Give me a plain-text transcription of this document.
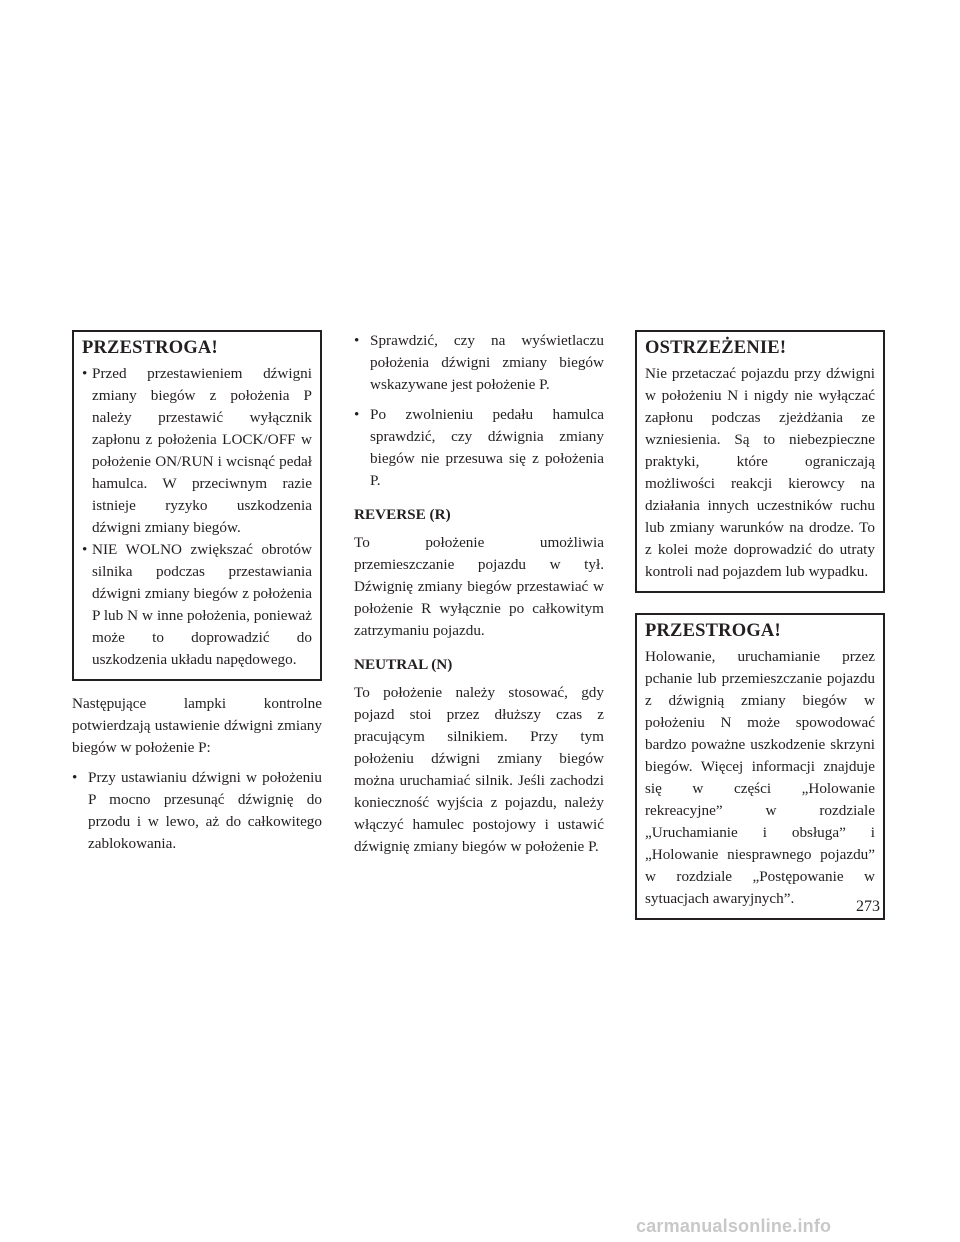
PRZESTROGA!
• Przed przestawieniem dźwigni zmiany biegów z położenia P należy przestawić wyłącznik zapłonu z położenia LOCK/OFF w położenie ON/RUN i wcisnąć pedał hamulca. W przeciwnym razie istnieje ryzyko uszkodzenia dźwigni zmiany biegów.
• NIE WOLNO zwiększać obrotów silnika podczas przestawiania dźwigni zmiany biegów z położenia P lub N w inne położenia, ponieważ może to doprowadzić do uszkodzenia układu napędowego.

Następujące lampki kontrolne potwierdzają ustawienie dźwigni zmiany biegów w położenie P:

• Przy ustawianiu dźwigni w położeniu P mocno przesunąć dźwignię do przodu i w lewo, aż do całkowitego zablokowania.
• Sprawdzić, czy na wyświetlaczu położenia dźwigni zmiany biegów wskazywane jest położenie P.
• Po zwolnieniu pedału hamulca sprawdzić, czy dźwignia zmiany biegów nie przesuwa się z położenia P.
REVERSE (R)

To położenie umożliwia przemieszczanie pojazdu w tył. Dźwignię zmiany biegów przestawiać w położenie R wyłącznie po całkowitym zatrzymaniu pojazdu.

NEUTRAL (N)

To położenie należy stosować, gdy pojazd stoi przez dłuższy czas z pracującym silnikiem. Przy tym położeniu dźwigni zmiany biegów można uruchamiać silnik. Jeśli zachodzi konieczność wyjścia z pojazdu, należy włączyć hamulec postojowy i ustawić dźwignię zmiany biegów w położenie P.

OSTRZEŻENIE!

Nie przetaczać pojazdu przy dźwigni w położeniu N i nigdy nie wyłączać zapłonu podczas zjeżdżania ze wzniesienia. Są to niebezpieczne praktyki, które ograniczają możliwości reakcji kierowcy na działania innych uczestników ruchu lub zmiany warunków na drodze. To z kolei może doprowadzić do utraty kontroli nad pojazdem lub wypadku.

PRZESTROGA!

Holowanie, uruchamianie przez pchanie lub przemieszczanie pojazdu z dźwignią zmiany biegów w położeniu N może spowodować bardzo poważne uszkodzenie skrzyni biegów. Więcej informacji znajduje się w części „Holowanie rekreacyjne” w rozdziale „Uruchamianie i obsługa” i „Holowanie niesprawnego pojazdu” w rozdziale „Postępowanie w sytuacjach awaryjnych”.	273
carmanualsonline.info
